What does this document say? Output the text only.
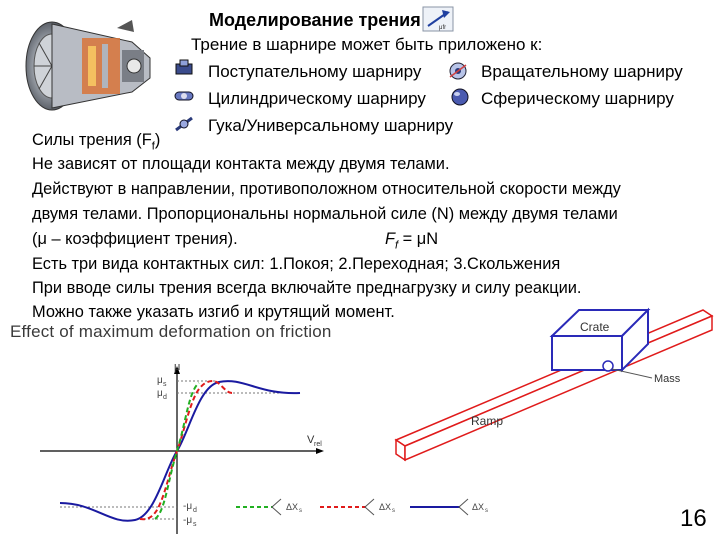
Моделирование трения	μfr
Трение в шарнире может быть приложено к:
Поступательному шарниру	Вращательному шарниру
Цилиндрическому шарниру	Сферическому шарниру
Гука/Универсальному шарниру
Силы трения $(F_f)$
Не зависят от площади контакта между двумя телами.
Действуют в направлении, противоположном относительной скорости между
двумя телами. Пропорциональны нормальной силе (N) между двумя телами
(μ – коэффициент трения).	$F_f = \mu N$
Есть три вида контактных сил: 1.Покоя; 2.Переходная; 3.Скольжения
При вводе силы трения всегда включайте преднагрузку и силу реакции.
Можно также указать изгиб и крутящий момент.
Effect of maximum deformation on friction
μ
V rel
μ s
μ d
-μ d
-μ s
ΔX s	ΔX s	ΔX s
Crate
Mass
Ramp
16
